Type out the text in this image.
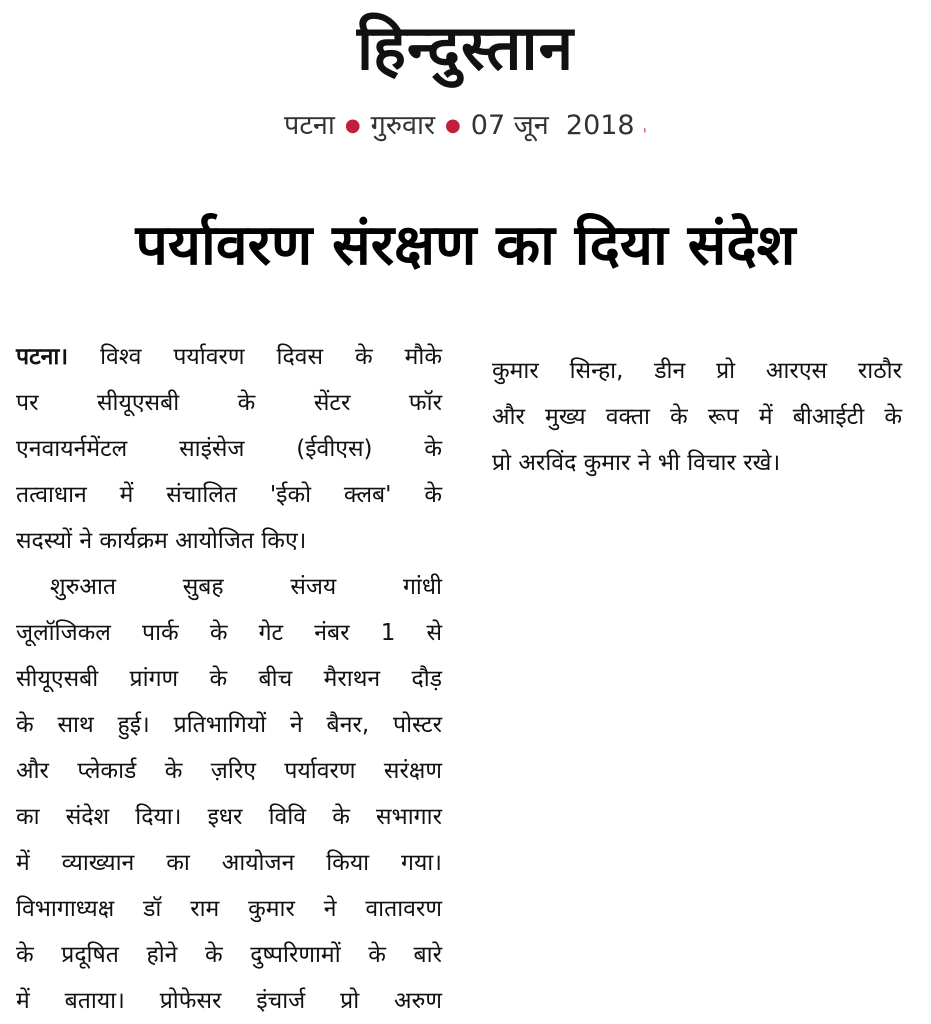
हिन्दुस्तान
पटना ● गुरुवार ● 07 जून  2018 ˌ
पर्यावरण संरक्षण का दिया संदेश
पटना। विश्व पर्यावरण दिवस के मौके
पर सीयूएसबी के सेंटर फॉर
एनवायर्नमेंटल साइंसेज (ईवीएस) के
तत्वाधान में संचालित 'ईको क्लब' के
सदस्यों ने कार्यक्रम आयोजित किए।
शुरुआत सुबह संजय गांधी
जूलॉजिकल पार्क के गेट नंबर 1 से
सीयूएसबी प्रांगण के बीच मैराथन दौड़
के साथ हुई। प्रतिभागियों ने बैनर, पोस्टर
और प्लेकार्ड के ज़रिए पर्यावरण सरंक्षण
का संदेश दिया। इधर विवि के सभागार
में व्याख्यान का आयोजन किया गया।
विभागाध्यक्ष डॉ राम कुमार ने वातावरण
के प्रदूषित होने के दुष्परिणामों के बारे
में बताया। प्रोफेसर इंचार्ज प्रो अरुण
कुमार सिन्हा, डीन प्रो आरएस राठौर
और मुख्य वक्ता के रूप में बीआईटी के
प्रो अरविंद कुमार ने भी विचार रखे।
